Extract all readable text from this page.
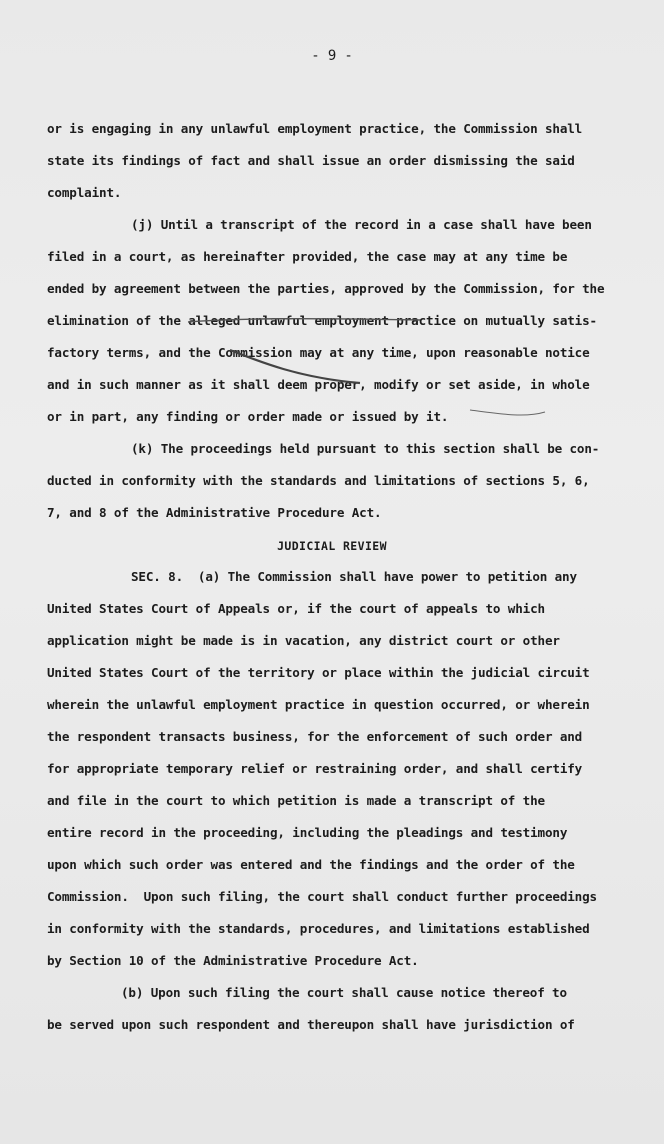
- 9 -
or is engaging in any unlawful employment practice, the Commission shall
state its findings of fact and shall issue an order dismissing the said
complaint.
(j) Until a transcript of the record in a case shall have been
filed in a court, as hereinafter provided, the case may at any time be
ended by agreement between the parties, approved by the Commission, for the
elimination of the alleged unlawful employment practice on mutually satis-
factory terms, and the Commission may at any time, upon reasonable notice
and in such manner as it shall deem proper, modify or set aside, in whole
or in part, any finding or order made or issued by it.
(k) The proceedings held pursuant to this section shall be con-
ducted in conformity with the standards and limitations of sections 5, 6,
7, and 8 of the Administrative Procedure Act.
JUDICIAL REVIEW
SEC. 8.  (a) The Commission shall have power to petition any
United States Court of Appeals or, if the court of appeals to which
application might be made is in vacation, any district court or other
United States Court of the territory or place within the judicial circuit
wherein the unlawful employment practice in question occurred, or wherein
the respondent transacts business, for the enforcement of such order and
for appropriate temporary relief or restraining order, and shall certify
and file in the court to which petition is made a transcript of the
entire record in the proceeding, including the pleadings and testimony
upon which such order was entered and the findings and the order of the
Commission.  Upon such filing, the court shall conduct further proceedings
in conformity with the standards, procedures, and limitations established
by Section 10 of the Administrative Procedure Act.
(b) Upon such filing the court shall cause notice thereof to
be served upon such respondent and thereupon shall have jurisdiction of
